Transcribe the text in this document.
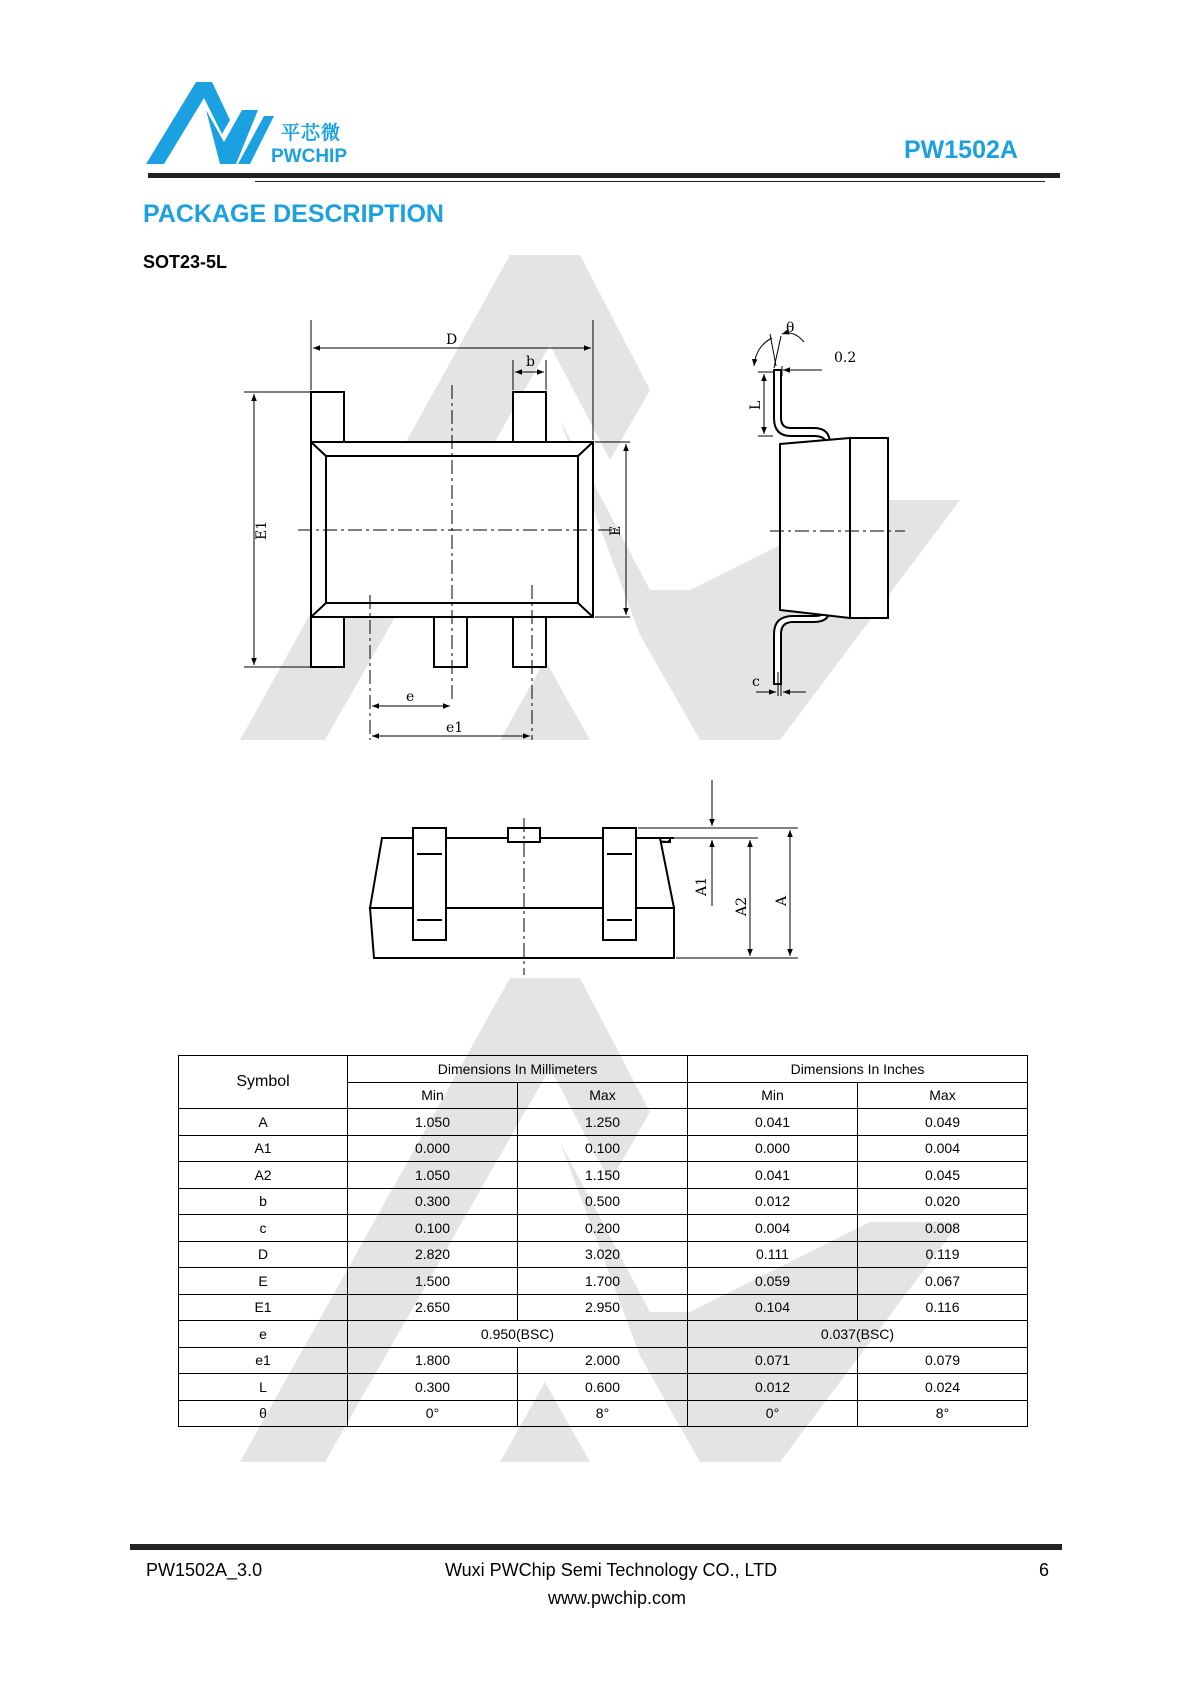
平芯微
PWCHIP	PW1502A
PACKAGE DESCRIPTION
SOT23-5L
D
b
E1	E
e
e1
θ
0.2
L
c
A1
A2 A
Symbol	Dimensions In Millimeters		Dimensions In Inches	
	Min	Max	Min	Max
A	1.050	1.250	0.041	0.049
A1	0.000	0.100	0.000	0.004
A2	1.050	1.150	0.041	0.045
b	0.300	0.500	0.012	0.020
c	0.100	0.200	0.004	0.008
D	2.820	3.020	0.111	0.119
E	1.500	1.700	0.059	0.067
E1	2.650	2.950	0.104	0.116
e	0.950(BSC)		0.037(BSC)	
e1	1.800	2.000	0.071	0.079
L	0.300	0.600	0.012	0.024
θ	0°	8°	0°	8°
PW1502A_3.0	Wuxi PWChip Semi Technology CO., LTD
www.pwchip.com
6
